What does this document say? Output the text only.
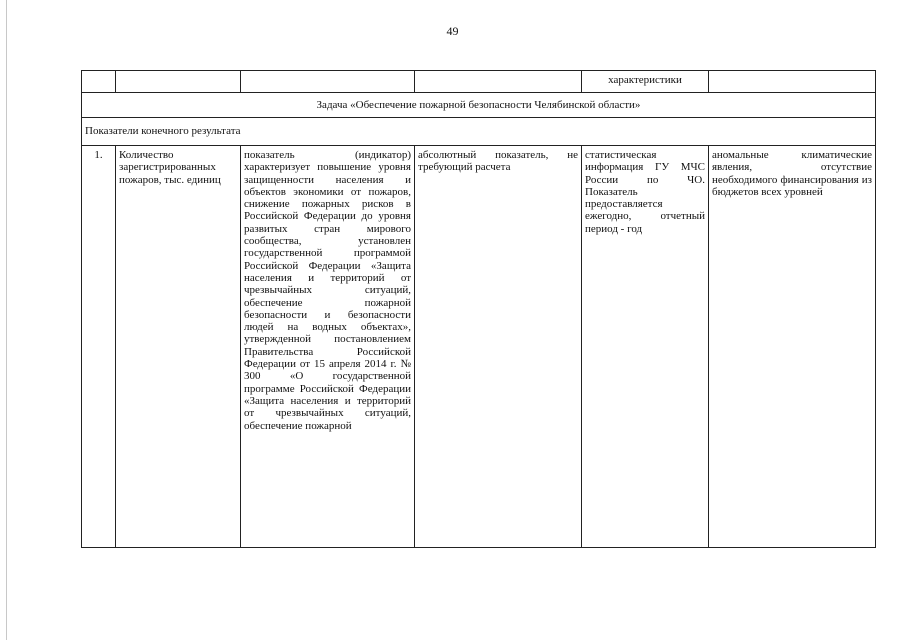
49
				характеристики	
Задача «Обеспечение пожарной безопасности Челябинской области»					
Показатели конечного результата					
1.	Количество зарегистрированных пожаров, тыс. единиц	показатель (индикатор) характеризует повышение уровня защищенности населения и объектов экономики от пожаров, снижение пожарных рисков в Российской Федерации до уровня развитых стран мирового сообщества, установлен государственной программой Российской Федерации «Защита населения и территорий от чрезвычайных ситуаций, обеспечение пожарной безопасности и безопасности людей на водных объектах», утвержденной постановлением Правительства Российской Федерации от 15 апреля 2014 г. № 300 «О государственной программе Российской Федерации «Защита населения и территорий от чрезвычайных ситуаций, обеспечение пожарной	абсолютный показатель, не требующий расчета	статистическая информация ГУ МЧС России по ЧО. Показатель предоставляется ежегодно, отчетный период - год	аномальные климатические явления, отсутствие необходимого финансирования из бюджетов всех уровней
